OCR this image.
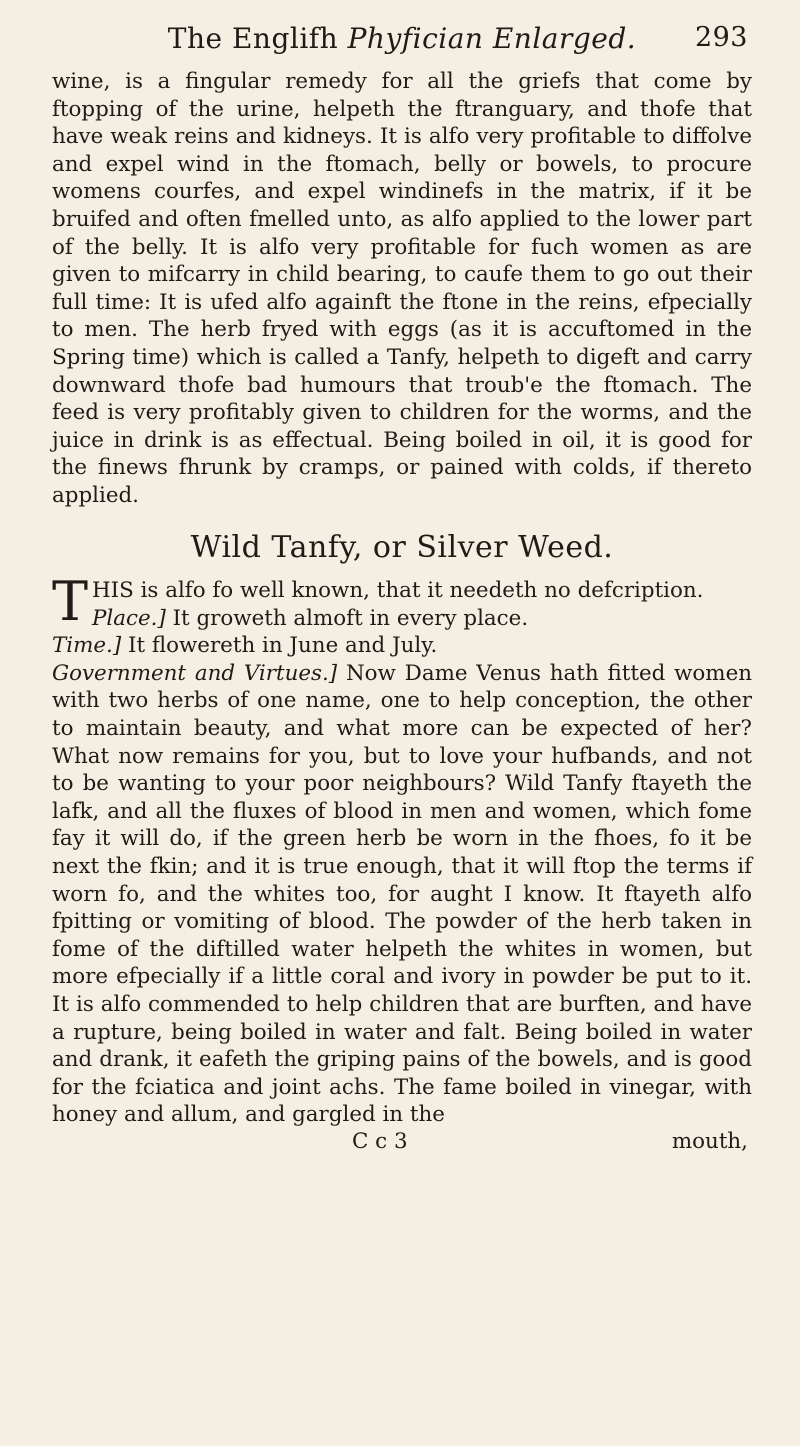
The Englifh Phyfician Enlarged. 293

wine, is a fingular remedy for all the griefs that come by ftopping of the urine, helpeth the ftranguary, and thofe that have weak reins and kidneys. It is alfo very profitable to diffolve and expel wind in the ftomach, belly or bowels, to procure womens courfes, and expel windinefs in the matrix, if it be bruifed and often fmelled unto, as alfo applied to the lower part of the belly. It is alfo very profitable for fuch women as are given to mifcarry in child bearing, to caufe them to go out their full time: It is ufed alfo againft the ftone in the reins, efpecially to men. The herb fryed with eggs (as it is accuftomed in the Spring time) which is called a Tanfy, helpeth to digeft and carry downward thofe bad humours that troub'e the ftomach. The feed is very profitably given to children for the worms, and the juice in drink is as effectual. Being boiled in oil, it is good for the finews fhrunk by cramps, or pained with colds, if thereto applied.

Wild Tanfy, or Silver Weed.

THIS is alfo fo well known, that it needeth no defcription.

Place.] It groweth almoft in every place.

Time.] It flowereth in June and July.

Government and Virtues.] Now Dame Venus hath fitted women with two herbs of one name, one to help conception, the other to maintain beauty, and what more can be expected of her? What now remains for you, but to love your hufbands, and not to be wanting to your poor neighbours? Wild Tanfy ftayeth the lafk, and all the fluxes of blood in men and women, which fome fay it will do, if the green herb be worn in the fhoes, fo it be next the fkin; and it is true enough, that it will ftop the terms if worn fo, and the whites too, for aught I know. It ftayeth alfo fpitting or vomiting of blood. The powder of the herb taken in fome of the diftilled water helpeth the whites in women, but more efpecially if a little coral and ivory in powder be put to it. It is alfo commended to help children that are burften, and have a rupture, being boiled in water and falt. Being boiled in water and drank, it eafeth the griping pains of the bowels, and is good for the fciatica and joint achs. The fame boiled in vinegar, with honey and allum, and gargled in the

C c 3	mouth,
